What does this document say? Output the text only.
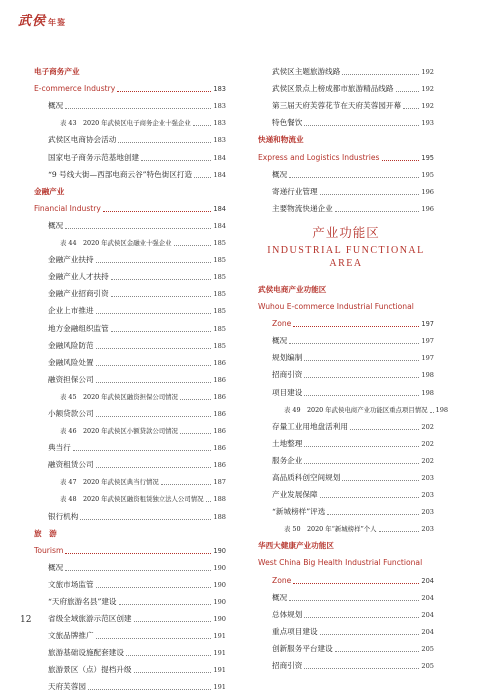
武侯 年鉴
电子商务产业
E-commerce Industry	183
概况	183
表 43　2020 年武侯区电子商务企业十强企业	183
武侯区电商协会活动	183
国家电子商务示范基地创建	184
“9 号线大街—西部电商云谷”特色街区打造	184
金融产业
Financial Industry	184
概况	184
表 44　2020 年武侯区金融业十强企业	185
金融产业扶持	185
金融产业人才扶持	185
金融产业招商引资	185
企业上市推进	185
地方金融组织监管	185
金融风险防范	185
金融风险处置	186
融资担保公司	186
表 45　2020 年武侯区融资担保公司情况	186
小额贷款公司	186
表 46　2020 年武侯区小额贷款公司情况	186
典当行	186
融资租赁公司	186
表 47　2020 年武侯区典当行情况	187
表 48　2020 年武侯区融资租赁独立法人公司情况 188
银行机构	188
旅　游
Tourism	190
概况	190
文旅市场监管	190
“天府旅游名县”建设	190
省级全域旅游示范区创建	190
文旅品牌推广	191
旅游基础设施配套建设	191
旅游景区（点）提档升级	191
天府芙蓉园	191
武侯区主题旅游线路	192
武侯区景点上榜成都市旅游精品线路	192
第三届天府芙蓉花节在天府芙蓉园开幕	192
特色餐饮	193
快递和物流业
Express and Logistics Industries	195
概况	195
寄递行业管理	196
主要物流快递企业	196
产业功能区
INDUSTRIAL FUNCTIONAL
AREA
武侯电商产业功能区
Wuhou E-commerce Industrial Functional
Zone	197
概况	197
规划编制	197
招商引资	198
项目建设	198
表 49　2020 年武侯电商产业功能区重点项目情况 198
存量工业用地盘活利用	202
土地整理	202
服务企业	202
高品质科创空间规划	203
产业发展保障	203
“新城榜样”评选	203
表 50　2020 年“新城榜样”个人	203
华西大健康产业功能区
West China Big Health Industrial Functional
Zone	204
概况	204
总体规划	204
重点项目建设	204
创新服务平台建设	205
招商引资	205
12
